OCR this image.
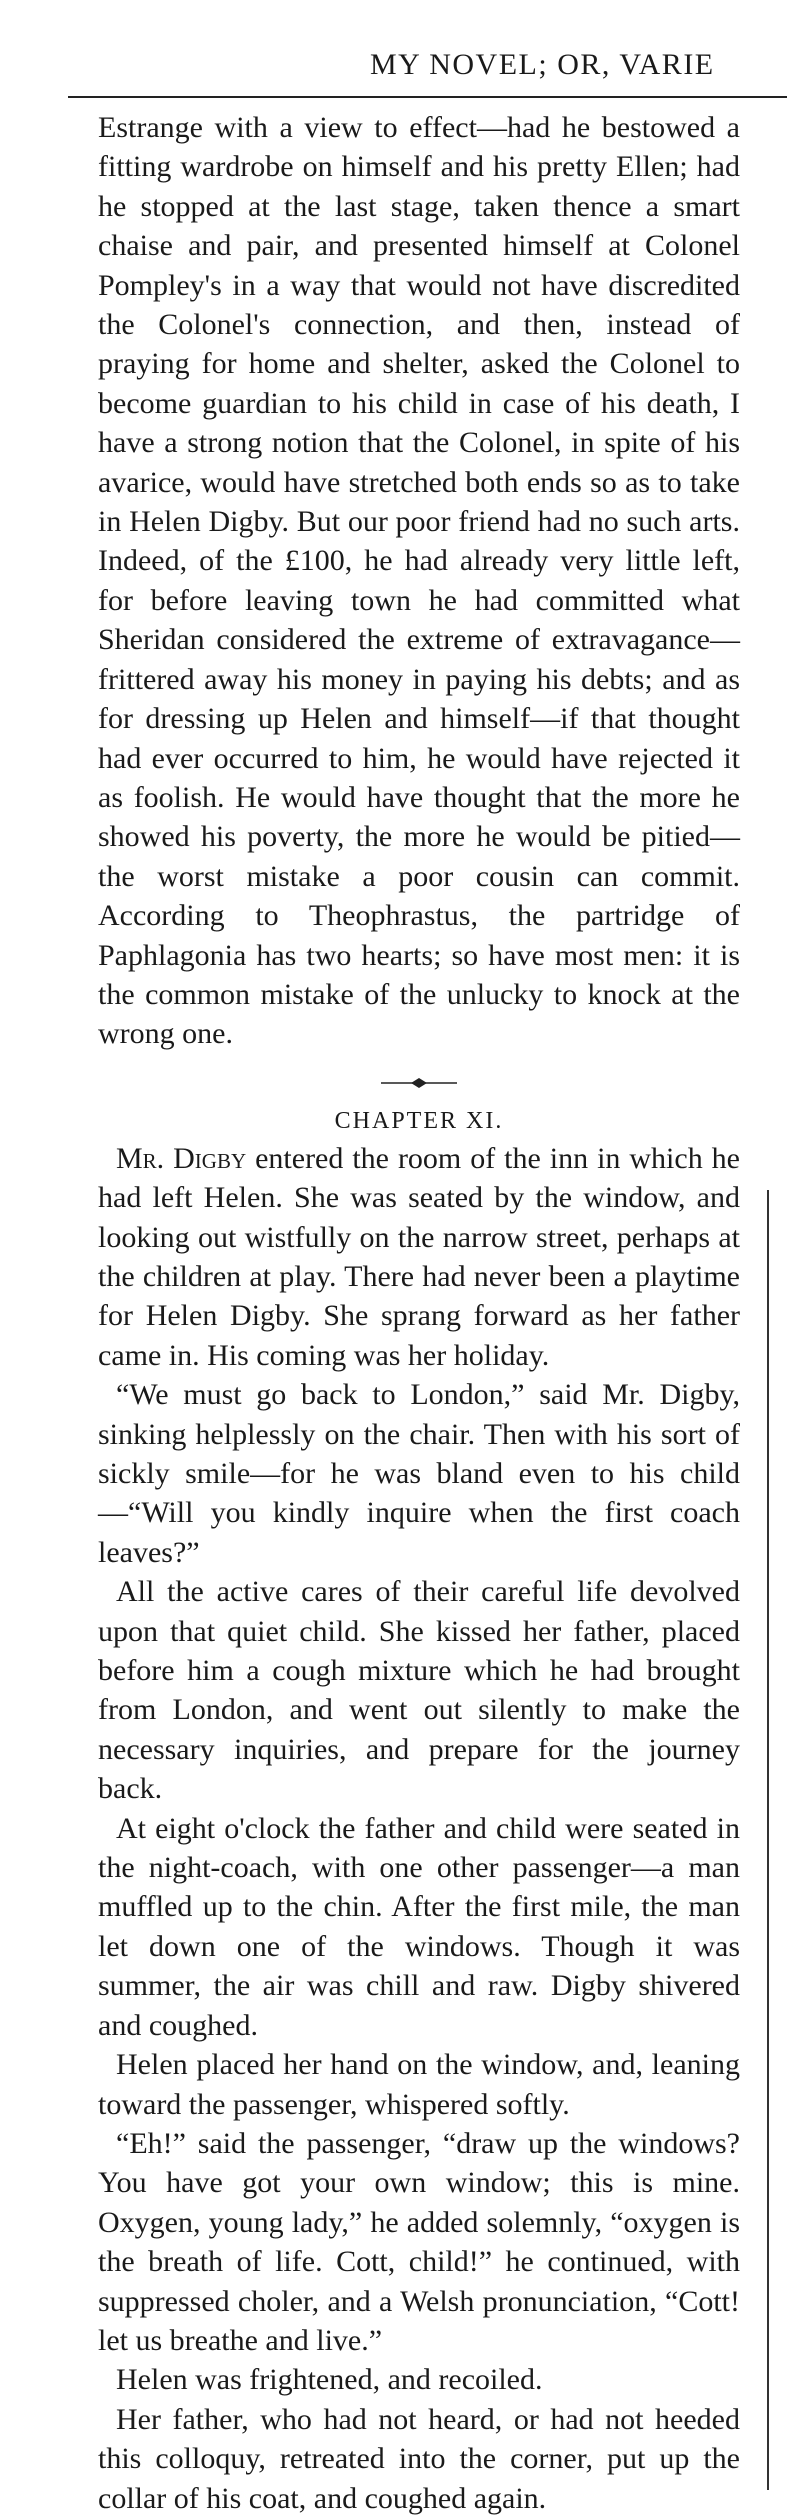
MY NOVEL; OR, VARIE

Estrange with a view to effect—had he bestowed a fitting wardrobe on himself and his pretty Ellen; had he stopped at the last stage, taken thence a smart chaise and pair, and presented himself at Colonel Pompley's in a way that would not have discredited the Colonel's connection, and then, instead of praying for home and shelter, asked the Colonel to become guardian to his child in case of his death, I have a strong notion that the Colonel, in spite of his avarice, would have stretched both ends so as to take in Helen Digby. But our poor friend had no such arts. Indeed, of the £100, he had already very little left, for before leaving town he had committed what Sheridan considered the extreme of extravagance—frittered away his money in paying his debts; and as for dressing up Helen and himself—if that thought had ever occurred to him, he would have rejected it as foolish. He would have thought that the more he showed his poverty, the more he would be pitied—the worst mistake a poor cousin can commit. According to Theophrastus, the partridge of Paphlagonia has two hearts; so have most men: it is the common mistake of the unlucky to knock at the wrong one.

CHAPTER XI.

Mr. Digby entered the room of the inn in which he had left Helen. She was seated by the window, and looking out wistfully on the narrow street, perhaps at the children at play. There had never been a playtime for Helen Digby. She sprang forward as her father came in. His coming was her holiday.

“We must go back to London,” said Mr. Digby, sinking helplessly on the chair. Then with his sort of sickly smile—for he was bland even to his child—“Will you kindly inquire when the first coach leaves?”

All the active cares of their careful life devolved upon that quiet child. She kissed her father, placed before him a cough mixture which he had brought from London, and went out silently to make the necessary inquiries, and prepare for the journey back.

At eight o'clock the father and child were seated in the night-coach, with one other passenger—a man muffled up to the chin. After the first mile, the man let down one of the windows. Though it was summer, the air was chill and raw. Digby shivered and coughed.

Helen placed her hand on the window, and, leaning toward the passenger, whispered softly.

“Eh!” said the passenger, “draw up the windows? You have got your own window; this is mine. Oxygen, young lady,” he added solemnly, “oxygen is the breath of life. Cott, child!” he continued, with suppressed choler, and a Welsh pronunciation, “Cott! let us breathe and live.”

Helen was frightened, and recoiled.

Her father, who had not heard, or had not heeded this colloquy, retreated into the corner, put up the collar of his coat, and coughed again.
